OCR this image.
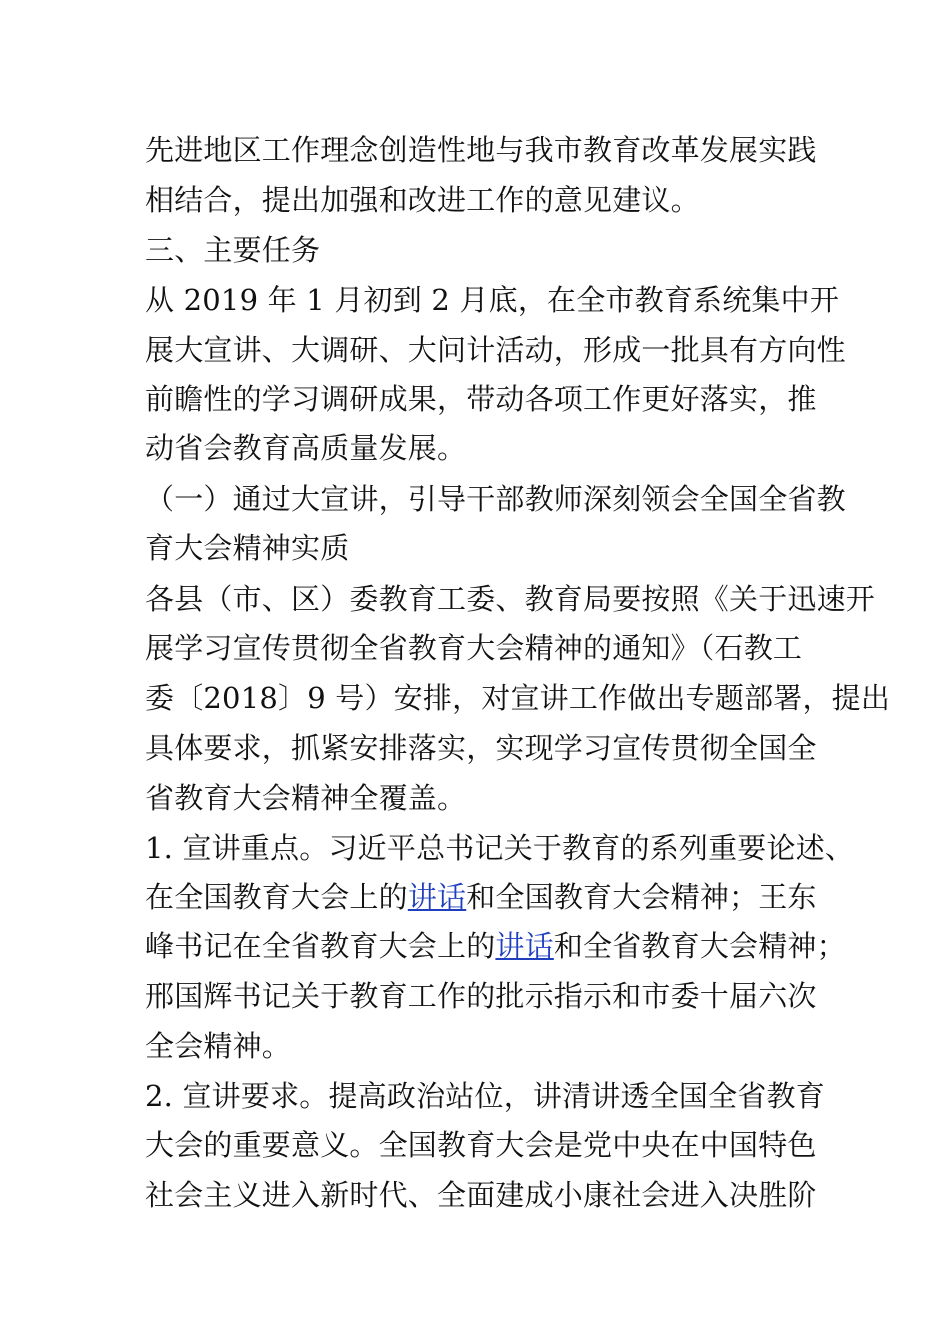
先进地区工作理念创造性地与我市教育改革发展实践
相结合，提出加强和改进工作的意见建议。
三、主要任务
从 2019 年 1 月初到 2 月底，在全市教育系统集中开
展大宣讲、大调研、大问计活动，形成一批具有方向性
前瞻性的学习调研成果，带动各项工作更好落实，推
动省会教育高质量发展。
（一）通过大宣讲，引导干部教师深刻领会全国全省教
育大会精神实质
各县（市、区）委教育工委、教育局要按照《关于迅速开
展学习宣传贯彻全省教育大会精神的通知》（石教工
委〔2018〕9 号）安排，对宣讲工作做出专题部署，提出
具体要求，抓紧安排落实，实现学习宣传贯彻全国全
省教育大会精神全覆盖。
1. 宣讲重点。习近平总书记关于教育的系列重要论述、
在全国教育大会上的讲话和全国教育大会精神；王东
峰书记在全省教育大会上的讲话和全省教育大会精神；
邢国辉书记关于教育工作的批示指示和市委十届六次
全会精神。
2. 宣讲要求。提高政治站位，讲清讲透全国全省教育
大会的重要意义。全国教育大会是党中央在中国特色
社会主义进入新时代、全面建成小康社会进入决胜阶
